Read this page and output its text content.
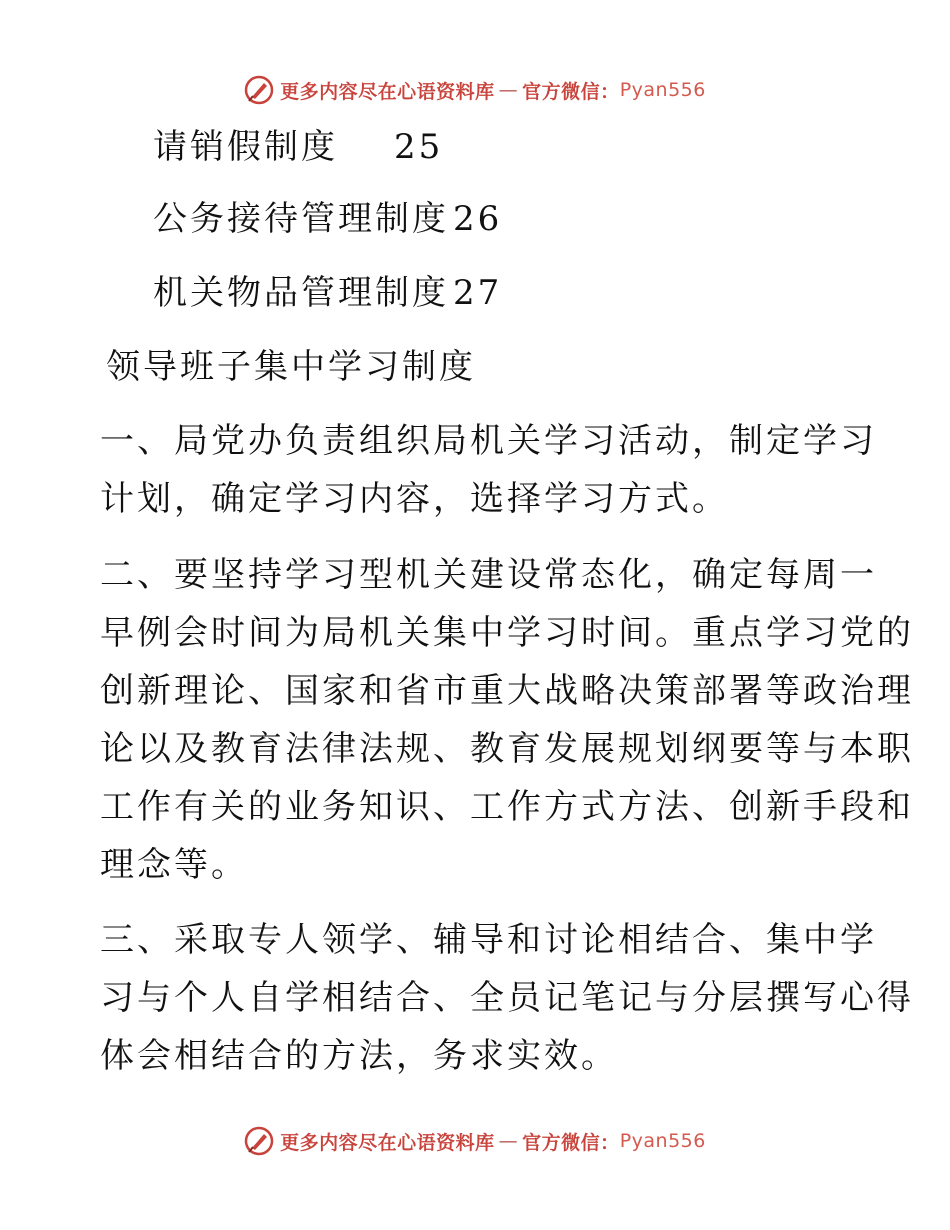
更多内容尽在心语资料库 — 官方微信： Pyan556
请销假制度 25
公务接待管理制度 26
机关物品管理制度 27
领导班子集中学习制度
一、局党办负责组织局机关学习活动，制定学习
计划，确定学习内容，选择学习方式。
二、要坚持学习型机关建设常态化，确定每周一
早例会时间为局机关集中学习时间。重点学习党的
创新理论、国家和省市重大战略决策部署等政治理
论以及教育法律法规、教育发展规划纲要等与本职
工作有关的业务知识、工作方式方法、创新手段和
理念等。
三、采取专人领学、辅导和讨论相结合、集中学
习与个人自学相结合、全员记笔记与分层撰写心得
体会相结合的方法，务求实效。
更多内容尽在心语资料库 — 官方微信： Pyan556
